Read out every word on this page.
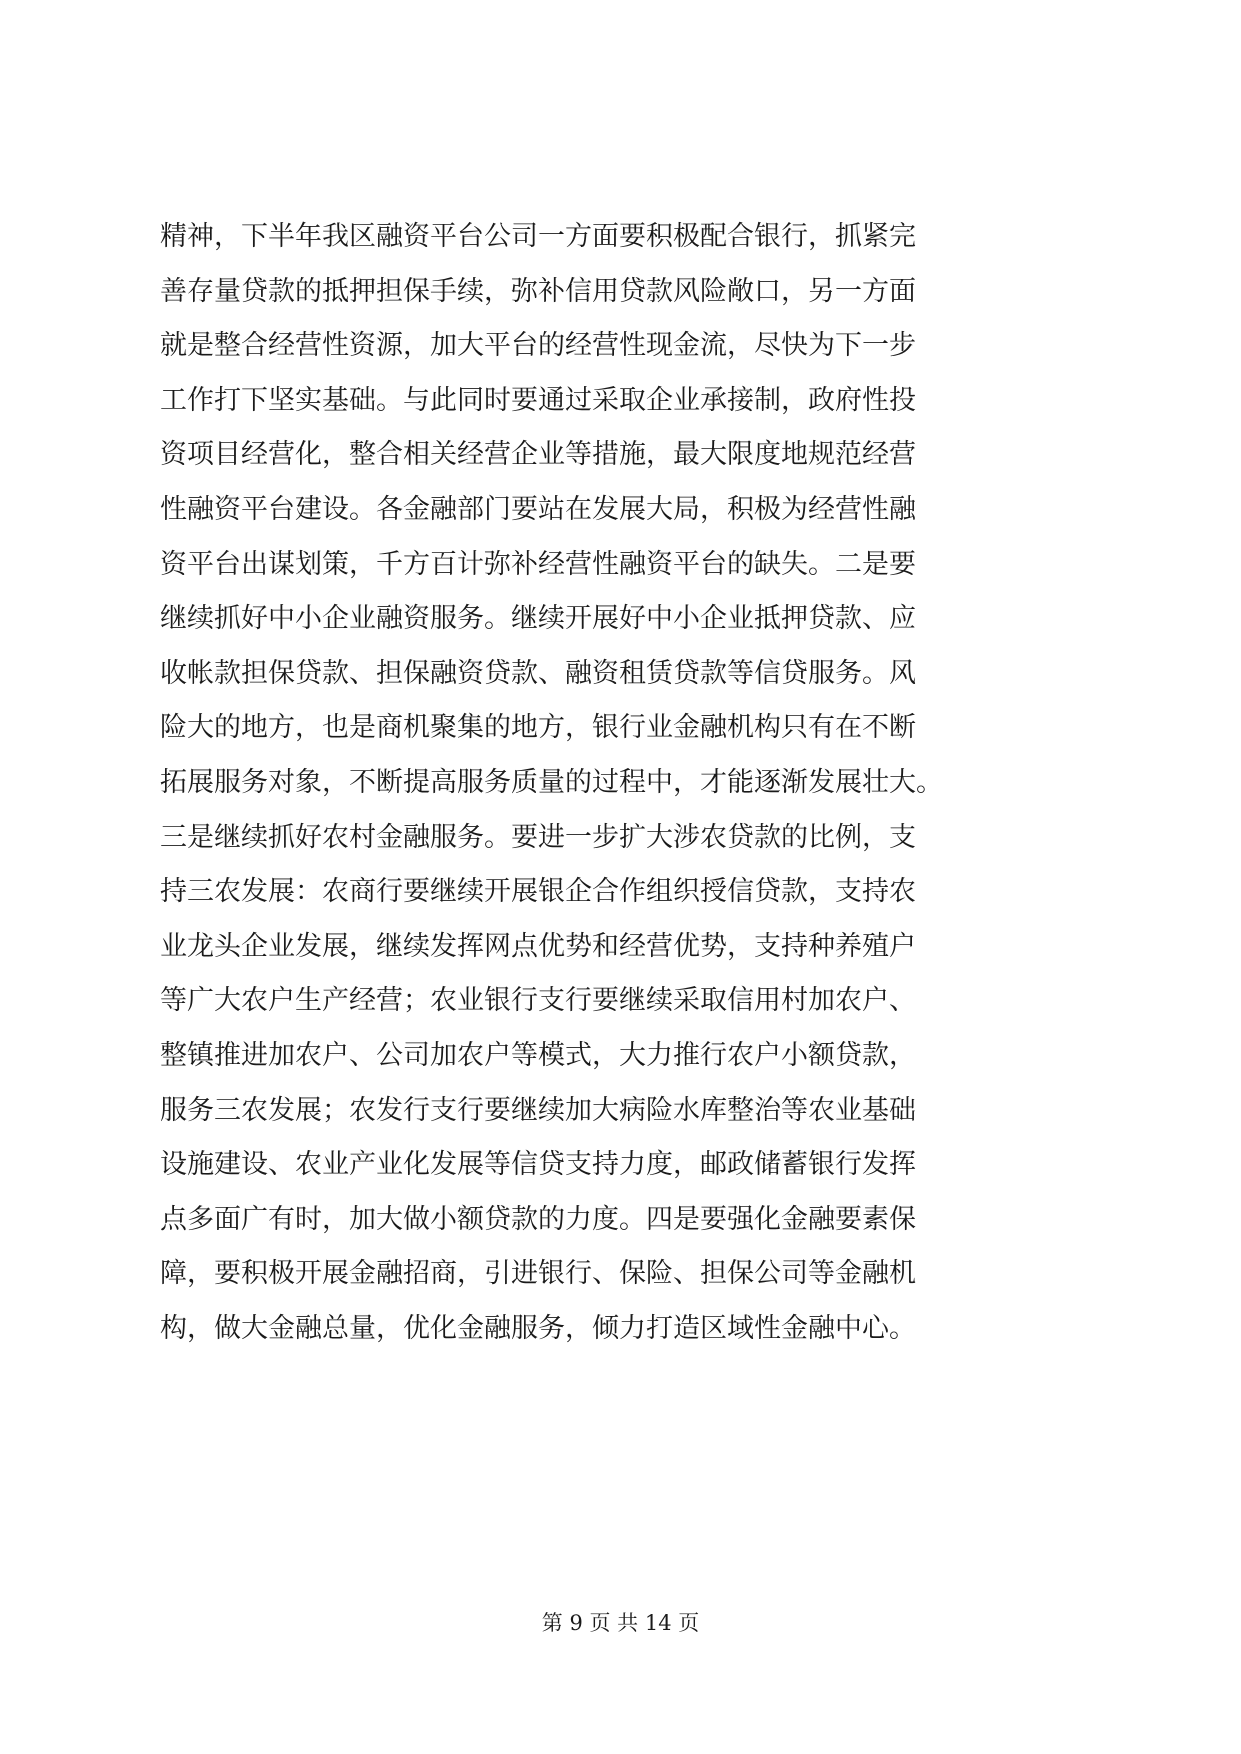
精神，下半年我区融资平台公司一方面要积极配合银行，抓紧完
善存量贷款的抵押担保手续，弥补信用贷款风险敞口，另一方面
就是整合经营性资源，加大平台的经营性现金流，尽快为下一步
工作打下坚实基础。与此同时要通过采取企业承接制，政府性投
资项目经营化，整合相关经营企业等措施，最大限度地规范经营
性融资平台建设。各金融部门要站在发展大局，积极为经营性融
资平台出谋划策，千方百计弥补经营性融资平台的缺失。二是要
继续抓好中小企业融资服务。继续开展好中小企业抵押贷款、应
收帐款担保贷款、担保融资贷款、融资租赁贷款等信贷服务。风
险大的地方，也是商机聚集的地方，银行业金融机构只有在不断
拓展服务对象，不断提高服务质量的过程中，才能逐渐发展壮大。
三是继续抓好农村金融服务。要进一步扩大涉农贷款的比例，支
持三农发展：农商行要继续开展银企合作组织授信贷款，支持农
业龙头企业发展，继续发挥网点优势和经营优势，支持种养殖户
等广大农户生产经营；农业银行支行要继续采取信用村加农户、
整镇推进加农户、公司加农户等模式，大力推行农户小额贷款，
服务三农发展；农发行支行要继续加大病险水库整治等农业基础
设施建设、农业产业化发展等信贷支持力度，邮政储蓄银行发挥
点多面广有时，加大做小额贷款的力度。四是要强化金融要素保
障，要积极开展金融招商，引进银行、保险、担保公司等金融机
构，做大金融总量，优化金融服务，倾力打造区域性金融中心。
第 9 页 共 14 页
